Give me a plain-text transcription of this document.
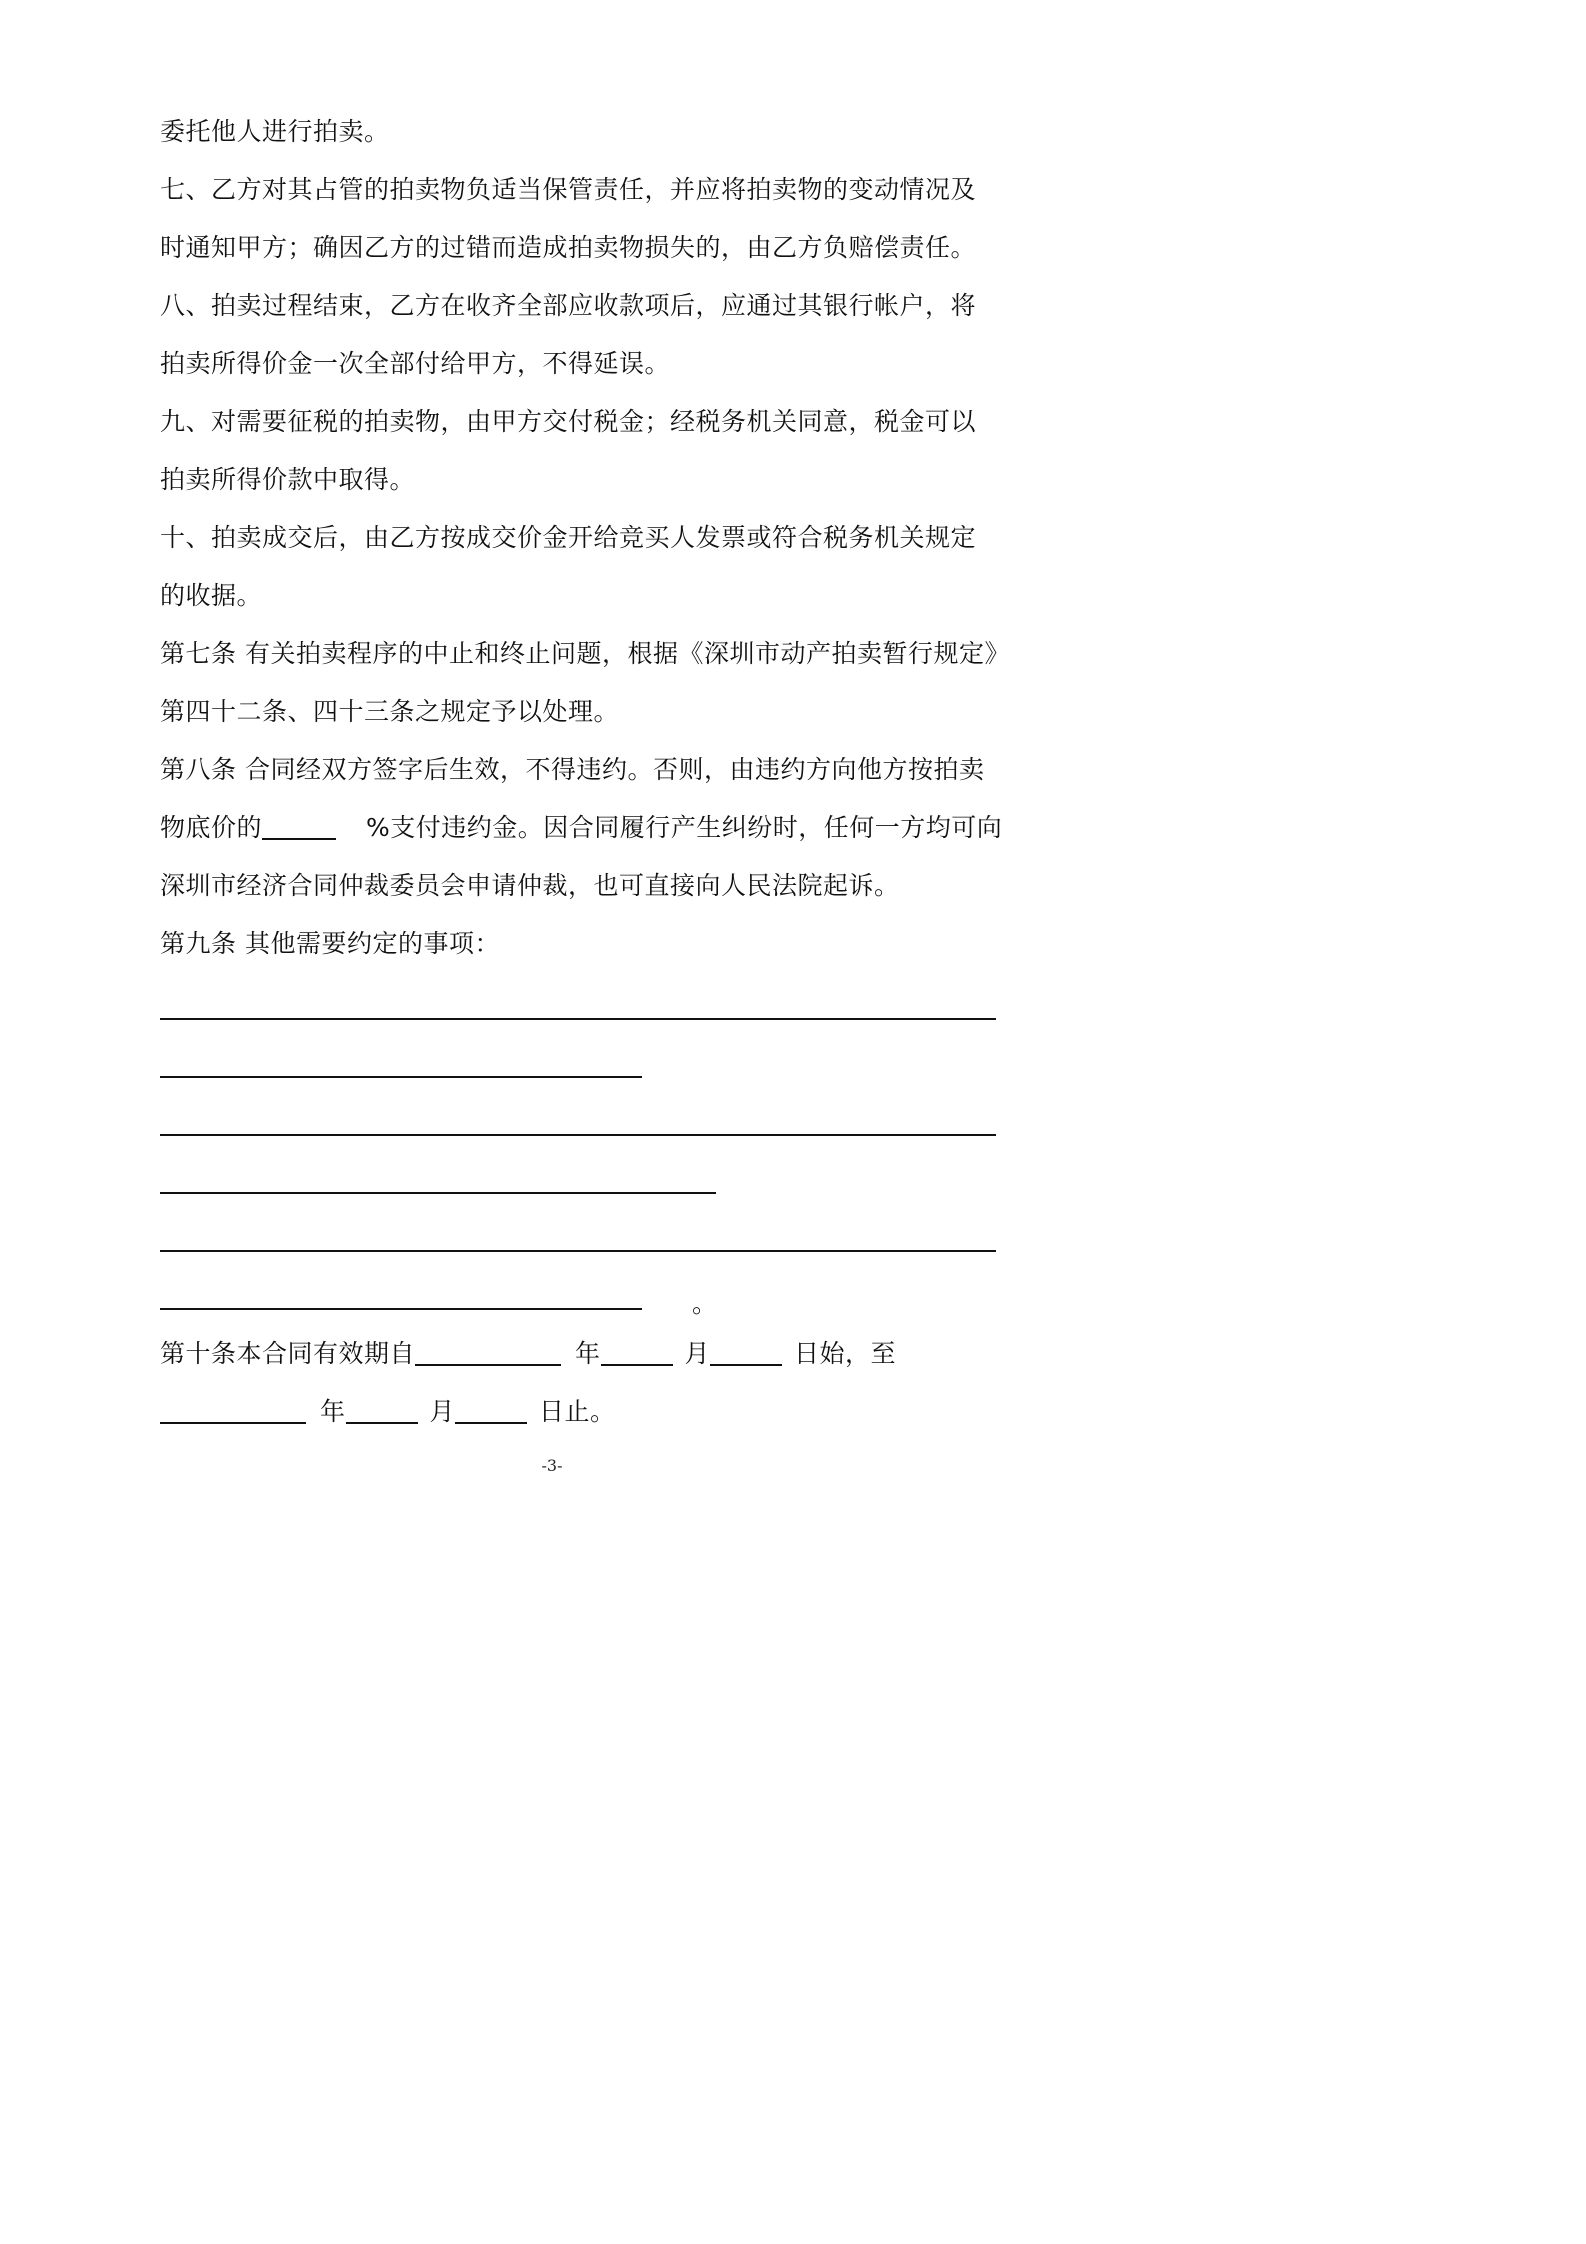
委托他人进行拍卖。
七、乙方对其占管的拍卖物负适当保管责任，并应将拍卖物的变动情况及
时通知甲方；确因乙方的过错而造成拍卖物损失的，由乙方负赔偿责任。
八、拍卖过程结束，乙方在收齐全部应收款项后，应通过其银行帐户，将
拍卖所得价金一次全部付给甲方，不得延误。
九、对需要征税的拍卖物，由甲方交付税金；经税务机关同意，税金可以
拍卖所得价款中取得。
十、拍卖成交后，由乙方按成交价金开给竞买人发票或符合税务机关规定
的收据。
第七条 有关拍卖程序的中止和终止问题，根据《深圳市动产拍卖暂行规定》
第四十二条、四十三条之规定予以处理。
第八条 合同经双方签字后生效，不得违约。否则，由违约方向他方按拍卖
物底价的	%支付违约金。因合同履行产生纠纷时，任何一方均可向
深圳市经济合同仲裁委员会申请仲裁，也可直接向人民法院起诉。
第九条 其他需要约定的事项：
。
第十条本合同有效期自	年	月	日始，至
年	月	日止。
-3-
